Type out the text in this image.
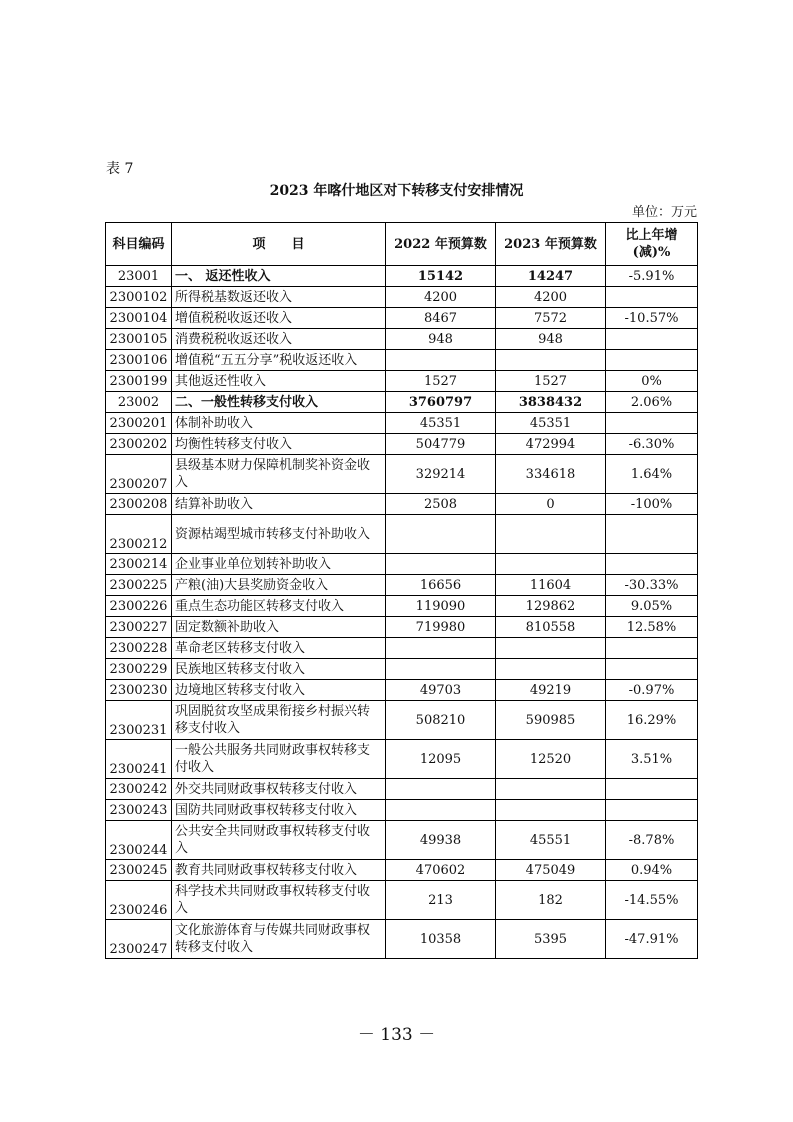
表 7
2023 年喀什地区对下转移支付安排情况
单位：万元
科目编码	项　　目	2022 年预算数	2023 年预算数	比上年增(减)%
23001	一、 返还性收入	15142	14247	-5.91%
2300102	所得税基数返还收入	4200	4200	
2300104	增值税税收返还收入	8467	7572	-10.57%
2300105	消费税税收返还收入	948	948	
2300106	增值税“五五分享”税收返还收入			
2300199	其他返还性收入	1527	1527	0%
23002	二、一般性转移支付收入	3760797	3838432	2.06%
2300201	体制补助收入	45351	45351	
2300202	均衡性转移支付收入	504779	472994	-6.30%
2300207	县级基本财力保障机制奖补资金收入	329214	334618	1.64%
2300208	结算补助收入	2508	0	-100%
2300212	资源枯竭型城市转移支付补助收入			
2300214	企业事业单位划转补助收入			
2300225	产粮(油)大县奖励资金收入	16656	11604	-30.33%
2300226	重点生态功能区转移支付收入	119090	129862	9.05%
2300227	固定数额补助收入	719980	810558	12.58%
2300228	革命老区转移支付收入			
2300229	民族地区转移支付收入			
2300230	边境地区转移支付收入	49703	49219	-0.97%
2300231	巩固脱贫攻坚成果衔接乡村振兴转移支付收入	508210	590985	16.29%
2300241	一般公共服务共同财政事权转移支付收入	12095	12520	3.51%
2300242	外交共同财政事权转移支付收入			
2300243	国防共同财政事权转移支付收入			
2300244	公共安全共同财政事权转移支付收入	49938	45551	-8.78%
2300245	教育共同财政事权转移支付收入	470602	475049	0.94%
2300246	科学技术共同财政事权转移支付收入	213	182	-14.55%
2300247	文化旅游体育与传媒共同财政事权转移支付收入	10358	5395	-47.91%
－ 133 －
